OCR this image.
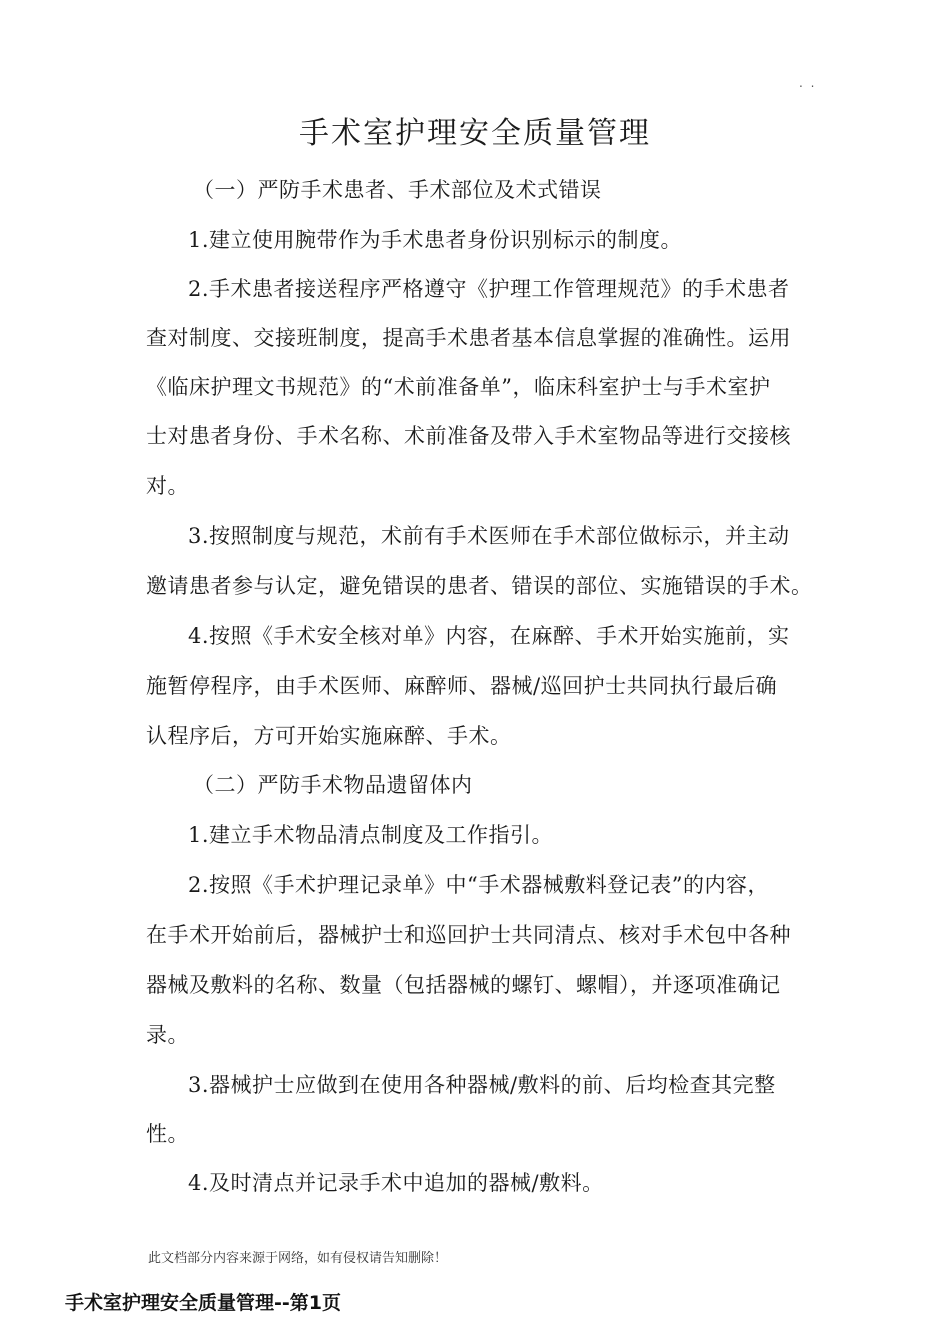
. .
手术室护理安全质量管理
（一）严防手术患者、手术部位及术式错误
1.建立使用腕带作为手术患者身份识别标示的制度。
2.手术患者接送程序严格遵守《护理工作管理规范》的手术患者
查对制度、交接班制度，提高手术患者基本信息掌握的准确性。运用
《临床护理文书规范》的“术前准备单”，临床科室护士与手术室护
士对患者身份、手术名称、术前准备及带入手术室物品等进行交接核
对。
3.按照制度与规范，术前有手术医师在手术部位做标示，并主动
邀请患者参与认定，避免错误的患者、错误的部位、实施错误的手术。
4.按照《手术安全核对单》内容，在麻醉、手术开始实施前，实
施暂停程序，由手术医师、麻醉师、器械/巡回护士共同执行最后确
认程序后，方可开始实施麻醉、手术。
（二）严防手术物品遗留体内
1.建立手术物品清点制度及工作指引。
2.按照《手术护理记录单》中“手术器械敷料登记表”的内容，
在手术开始前后，器械护士和巡回护士共同清点、核对手术包中各种
器械及敷料的名称、数量（包括器械的螺钉、螺帽），并逐项准确记
录。
3.器械护士应做到在使用各种器械/敷料的前、后均检查其完整
性。
4.及时清点并记录手术中追加的器械/敷料。
此文档部分内容来源于网络，如有侵权请告知删除！
手术室护理安全质量管理--第1页
